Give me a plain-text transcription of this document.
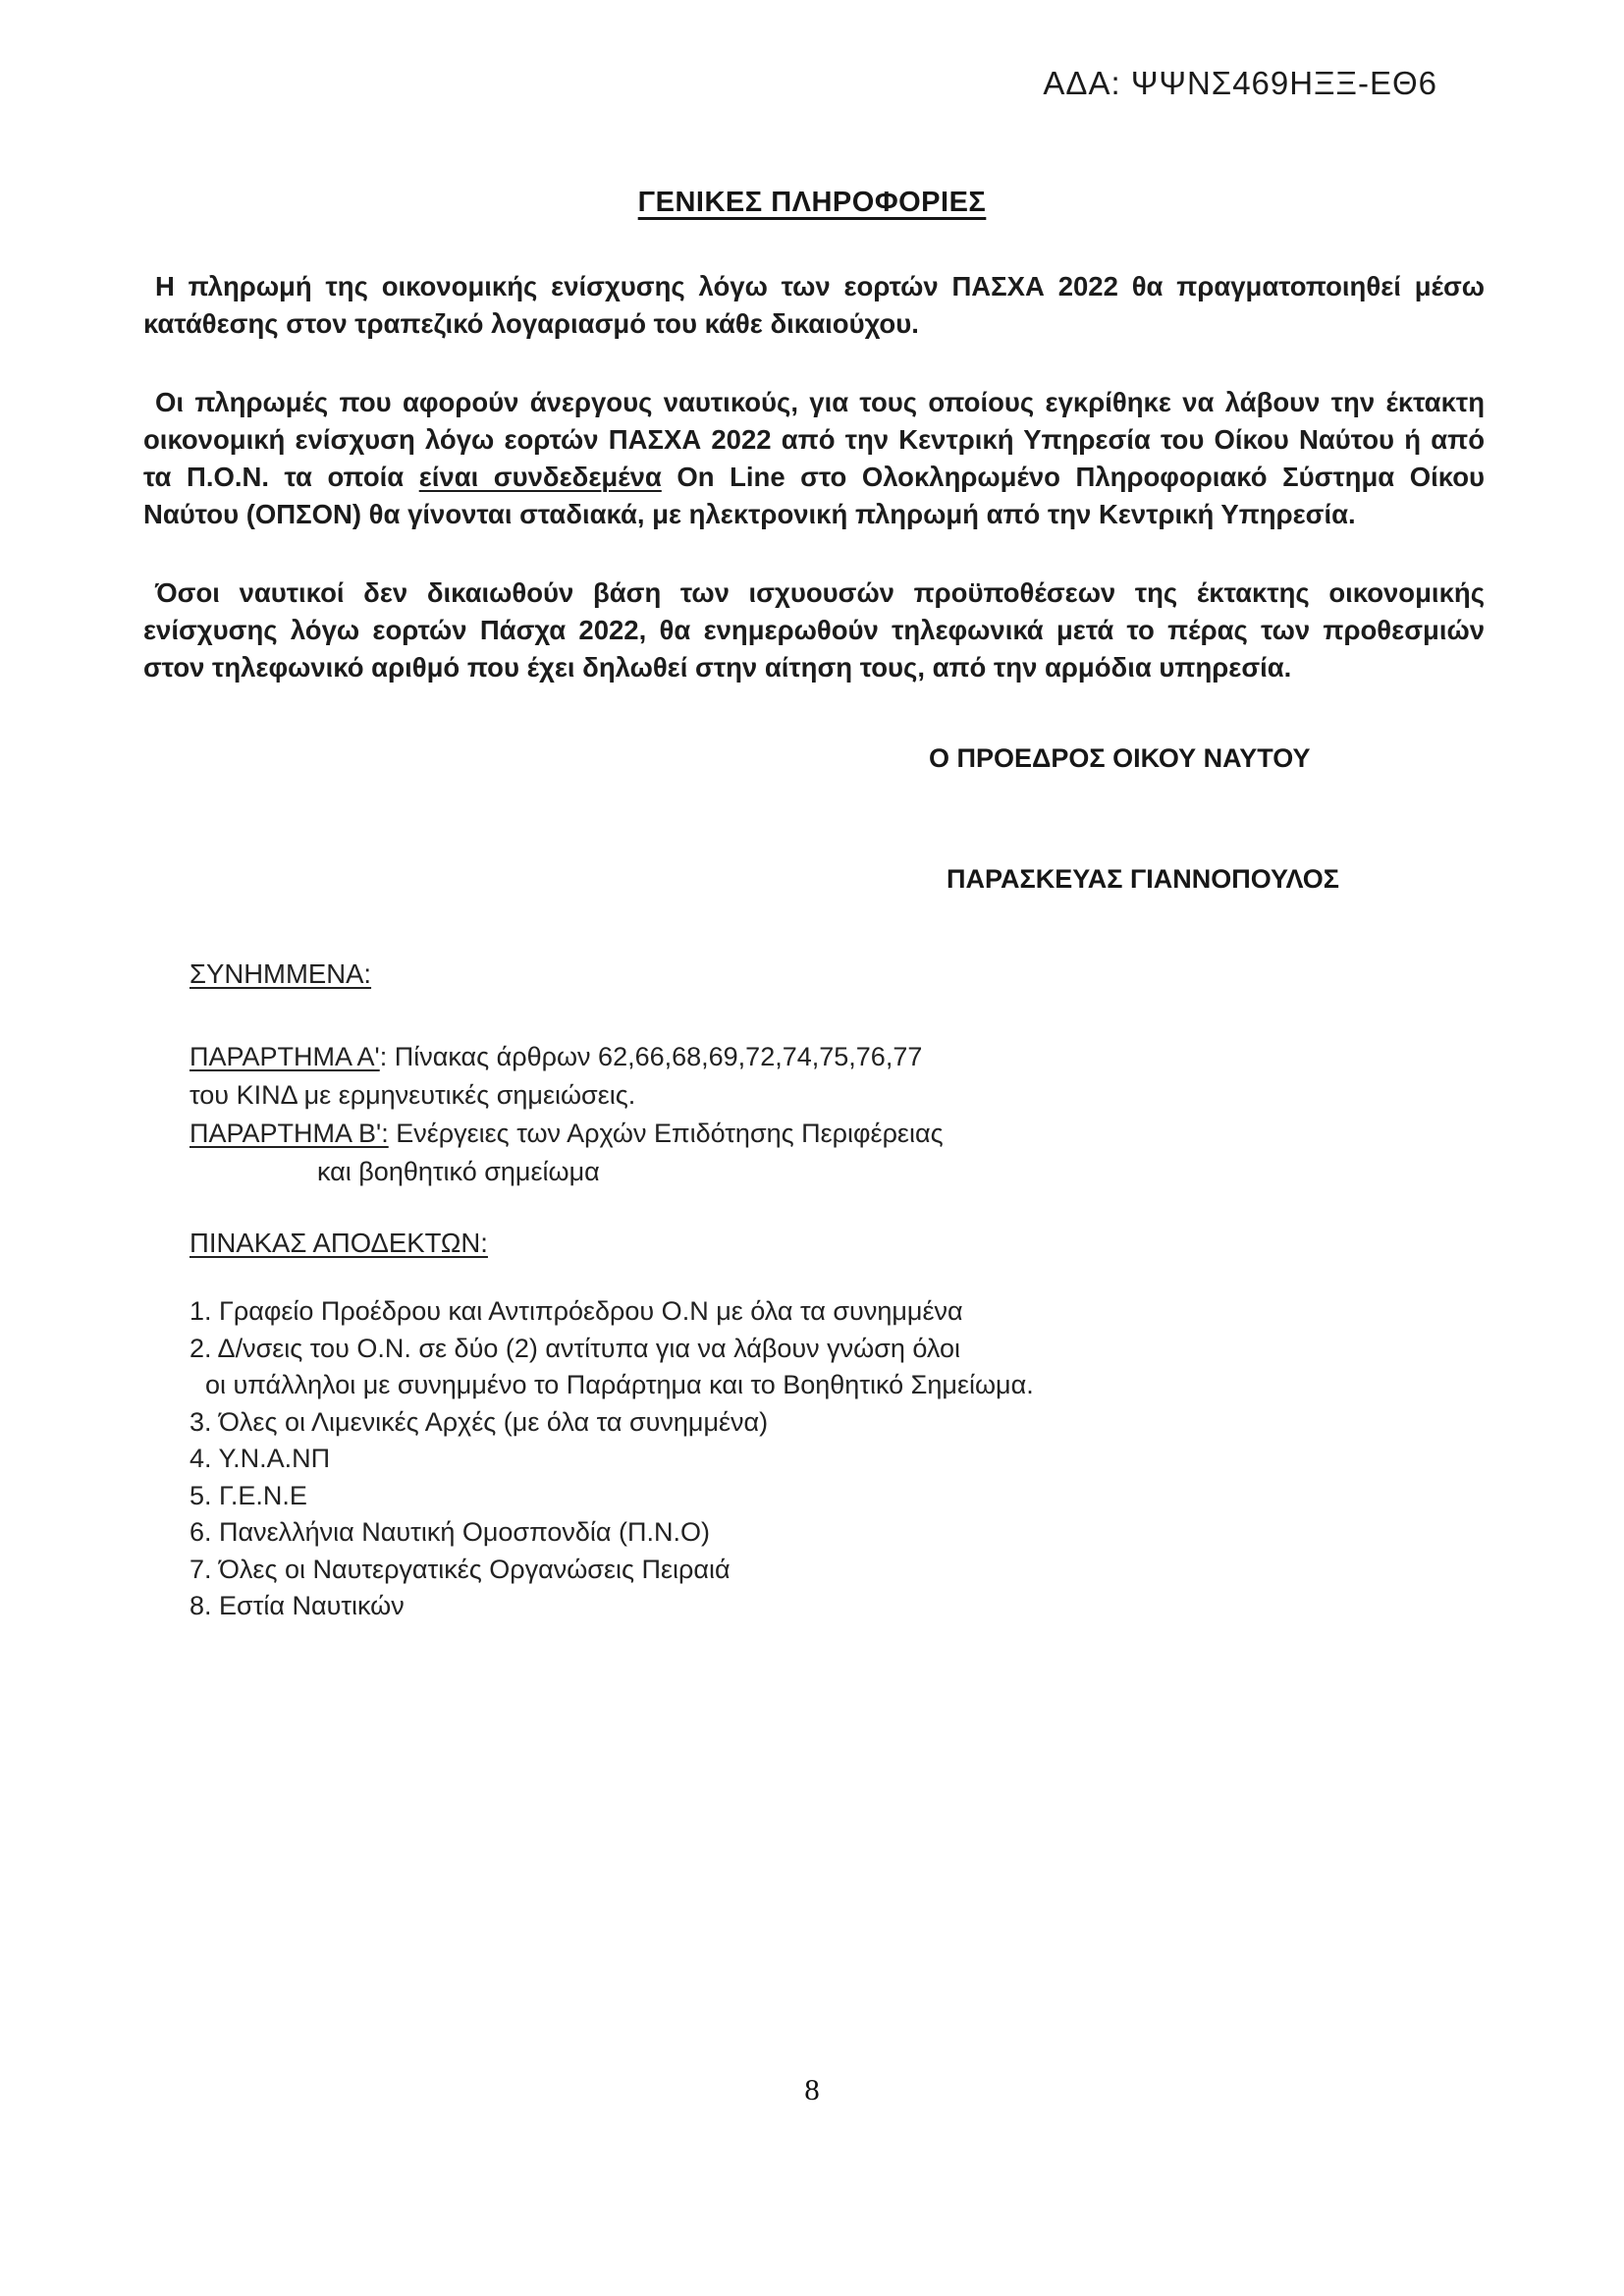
ΑΔΑ: ΨΨΝΣ469ΗΞΞ-ΕΘ6
ΓΕΝΙΚΕΣ ΠΛΗΡΟΦΟΡΙΕΣ

Η πληρωμή της οικονομικής ενίσχυσης λόγω των εορτών ΠΑΣΧΑ 2022 θα πραγματοποιηθεί μέσω κατάθεσης στον τραπεζικό λογαριασμό του κάθε δικαιούχου.

Οι πληρωμές που αφορούν άνεργους ναυτικούς, για τους οποίους εγκρίθηκε να λάβουν την έκτακτη οικονομική ενίσχυση λόγω εορτών ΠΑΣΧΑ 2022 από την Κεντρική Υπηρεσία του Οίκου Ναύτου ή από τα Π.Ο.Ν. τα οποία είναι συνδεδεμένα On Line στο Ολοκληρωμένο Πληροφοριακό Σύστημα Οίκου Ναύτου (ΟΠΣΟΝ) θα γίνονται σταδιακά, με ηλεκτρονική πληρωμή από την Κεντρική Υπηρεσία.

Όσοι ναυτικοί δεν δικαιωθούν βάση των ισχυουσών προϋποθέσεων της έκτακτης οικονομικής ενίσχυσης λόγω εορτών Πάσχα 2022, θα ενημερωθούν τηλεφωνικά μετά το πέρας των προθεσμιών στον τηλεφωνικό αριθμό που έχει δηλωθεί στην αίτηση τους, από την αρμόδια υπηρεσία.

Ο ΠΡΟΕΔΡΟΣ ΟΙΚΟΥ ΝΑΥΤΟΥ
ΠΑΡΑΣΚΕΥΑΣ ΓΙΑΝΝΟΠΟΥΛΟΣ
ΣΥΝΗΜΜΕΝΑ:
ΠΑΡΑΡΤΗΜΑ Α': Πίνακας άρθρων 62,66,68,69,72,74,75,76,77
του ΚΙΝΔ με ερμηνευτικές σημειώσεις.
ΠΑΡΑΡΤΗΜΑ Β': Ενέργειες των Αρχών Επιδότησης Περιφέρειας
και βοηθητικό σημείωμα
ΠΙΝΑΚΑΣ ΑΠΟΔΕΚΤΩΝ:
1. Γραφείο Προέδρου και Αντιπρόεδρου Ο.Ν με όλα τα συνημμένα
2. Δ/νσεις του Ο.Ν. σε δύο (2) αντίτυπα για να λάβουν γνώση όλοι
οι υπάλληλοι με συνημμένο το Παράρτημα και το Βοηθητικό Σημείωμα.
3. Όλες οι Λιμενικές Αρχές (με όλα τα συνημμένα)
4. Υ.Ν.Α.ΝΠ
5. Γ.Ε.Ν.Ε
6. Πανελλήνια Ναυτική Ομοσπονδία (Π.Ν.Ο)
7. Όλες οι Ναυτεργατικές Οργανώσεις Πειραιά
8. Εστία Ναυτικών
8
